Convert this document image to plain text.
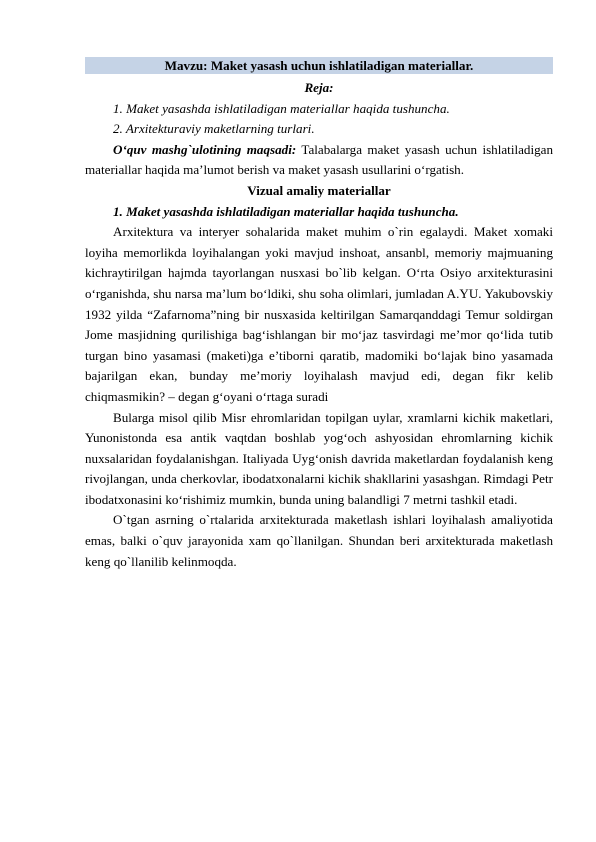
Mavzu: Maket yasash uchun ishlatiladigan materiallar.

Reja:

1. Maket yasashda ishlatiladigan materiallar haqida tushuncha.

2. Arxitekturaviy maketlarning turlari.

O‘quv mashg`ulotining maqsadi: Talabalarga maket yasash uchun ishlatiladigan materiallar haqida ma’lumot berish va maket yasash usullarini o‘rgatish.

Vizual amaliy materiallar

1. Maket yasashda ishlatiladigan materiallar haqida tushuncha.

Arxitektura va interyer sohalarida maket muhim o`rin egalaydi. Maket xomaki loyiha memorlikda loyihalangan yoki mavjud inshoat, ansanbl, memoriy majmuaning kichraytirilgan hajmda tayorlangan nusxasi bo`lib kelgan. O‘rta Osiyo arxitekturasini o‘rganishda, shu narsa ma’lum bo‘ldiki, shu soha olimlari, jumladan A.YU. Yakubovskiy 1932 yilda “Zafarnoma”ning bir nusxasida keltirilgan Samarqanddagi Temur soldirgan Jome masjidning qurilishiga bag‘ishlangan bir mo‘jaz tasvirdagi me’mor qo‘lida tutib turgan bino yasamasi (maketi)ga e’tiborni qaratib, madomiki bo‘lajak bino yasamada bajarilgan ekan, bunday me’moriy loyihalash mavjud edi, degan fikr kelib chiqmasmikin? – degan g‘oyani o‘rtaga suradi

Bularga misol qilib Misr ehromlaridan topilgan uylar, xramlarni kichik maketlari, Yunonistonda esa antik vaqtdan boshlab yog‘och ashyosidan ehromlarning kichik nuxsalaridan foydalanishgan. Italiyada Uyg‘onish davrida maketlardan foydalanish keng rivojlangan, unda cherkovlar, ibodatxonalarni kichik shakllarini yasashgan. Rimdagi Petr ibodatxonasini ko‘rishimiz mumkin, bunda uning balandligi 7 metrni tashkil etadi.

O`tgan asrning o`rtalarida arxitekturada maketlash ishlari loyihalash amaliyotida emas, balki o`quv jarayonida xam qo`llanilgan. Shundan beri arxitekturada maketlash keng qo`llanilib kelinmoqda.
